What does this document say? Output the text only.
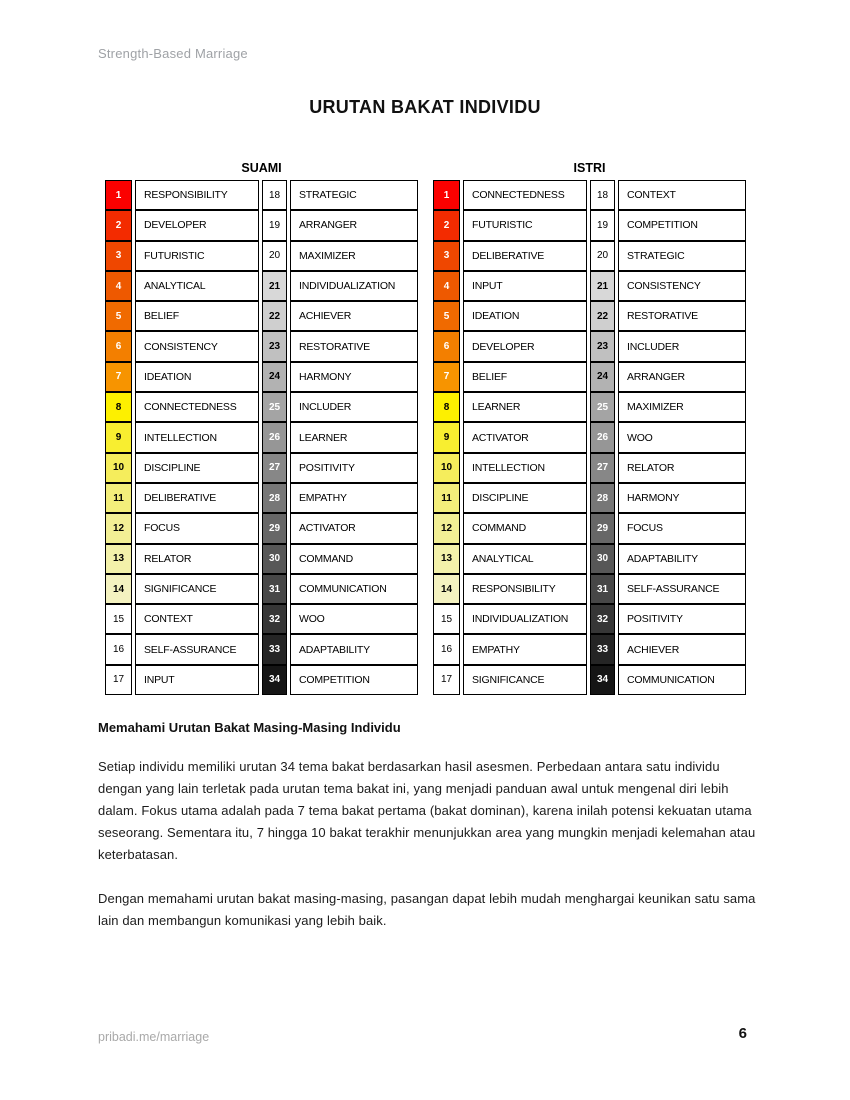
Strength-Based Marriage
URUTAN BAKAT INDIVIDU
SUAMI
1	RESPONSIBILITY	18	STRATEGIC
2	DEVELOPER	19	ARRANGER
3	FUTURISTIC	20	MAXIMIZER
4	ANALYTICAL	21	INDIVIDUALIZATION
5	BELIEF	22	ACHIEVER
6	CONSISTENCY	23	RESTORATIVE
7	IDEATION	24	HARMONY
8	CONNECTEDNESS	25	INCLUDER
9	INTELLECTION	26	LEARNER
10	DISCIPLINE	27	POSITIVITY
11	DELIBERATIVE	28	EMPATHY
12	FOCUS	29	ACTIVATOR
13	RELATOR	30	COMMAND
14	SIGNIFICANCE	31	COMMUNICATION
15	CONTEXT	32	WOO
16	SELF-ASSURANCE	33	ADAPTABILITY
17	INPUT	34	COMPETITION
ISTRI
1	CONNECTEDNESS	18	CONTEXT
2	FUTURISTIC	19	COMPETITION
3	DELIBERATIVE	20	STRATEGIC
4	INPUT	21	CONSISTENCY
5	IDEATION	22	RESTORATIVE
6	DEVELOPER	23	INCLUDER
7	BELIEF	24	ARRANGER
8	LEARNER	25	MAXIMIZER
9	ACTIVATOR	26	WOO
10	INTELLECTION	27	RELATOR
11	DISCIPLINE	28	HARMONY
12	COMMAND	29	FOCUS
13	ANALYTICAL	30	ADAPTABILITY
14	RESPONSIBILITY	31	SELF-ASSURANCE
15	INDIVIDUALIZATION	32	POSITIVITY
16	EMPATHY	33	ACHIEVER
17	SIGNIFICANCE	34	COMMUNICATION
Memahami Urutan Bakat Masing-Masing Individu

Setiap individu memiliki urutan 34 tema bakat berdasarkan hasil asesmen. Perbedaan antara satu individu dengan yang lain terletak pada urutan tema bakat ini, yang menjadi panduan awal untuk mengenal diri lebih dalam. Fokus utama adalah pada 7 tema bakat pertama (bakat dominan), karena inilah potensi kekuatan utama seseorang. Sementara itu, 7 hingga 10 bakat terakhir menunjukkan area yang mungkin menjadi kelemahan atau keterbatasan.

Dengan memahami urutan bakat masing-masing, pasangan dapat lebih mudah menghargai keunikan satu sama lain dan membangun komunikasi yang lebih baik.

pribadi.me/marriage	6
